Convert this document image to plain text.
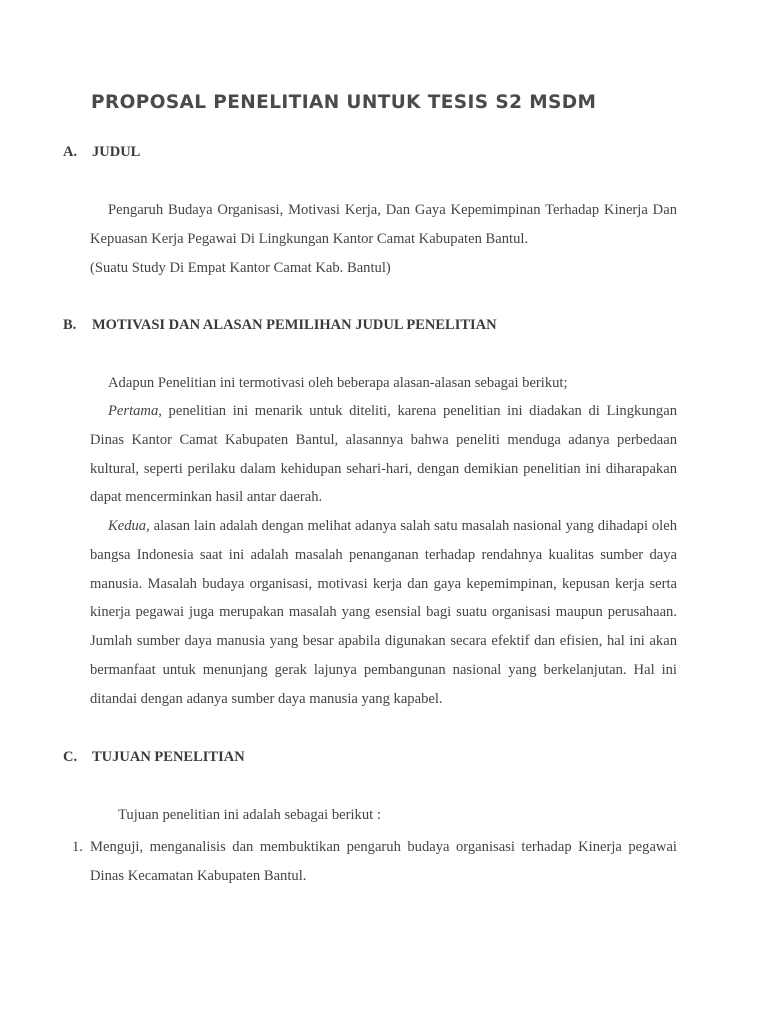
PROPOSAL PENELITIAN UNTUK TESIS S2 MSDM
A. JUDUL

Pengaruh Budaya Organisasi, Motivasi Kerja, Dan Gaya Kepemimpinan Terhadap Kinerja Dan Kepuasan Kerja Pegawai Di Lingkungan Kantor Camat Kabupaten Bantul.

(Suatu Study Di Empat Kantor Camat Kab. Bantul)

B. MOTIVASI DAN ALASAN PEMILIHAN JUDUL PENELITIAN

Adapun Penelitian ini termotivasi oleh beberapa alasan-alasan sebagai berikut;

Pertama, penelitian ini menarik untuk diteliti, karena penelitian ini diadakan di Lingkungan Dinas Kantor Camat Kabupaten Bantul, alasannya bahwa peneliti menduga adanya perbedaan kultural, seperti perilaku dalam kehidupan sehari-hari, dengan demikian penelitian ini diharapakan dapat mencerminkan hasil antar daerah.

Kedua, alasan lain adalah dengan melihat adanya salah satu masalah nasional yang dihadapi oleh bangsa Indonesia saat ini adalah masalah penanganan terhadap rendahnya kualitas sumber daya manusia. Masalah budaya organisasi, motivasi kerja dan gaya kepemimpinan, kepusan kerja serta kinerja pegawai juga merupakan masalah yang esensial bagi suatu organisasi maupun perusahaan. Jumlah sumber daya manusia yang besar apabila digunakan secara efektif dan efisien, hal ini akan bermanfaat untuk menunjang gerak lajunya pembangunan nasional yang berkelanjutan. Hal ini ditandai dengan adanya sumber daya manusia yang kapabel.

C. TUJUAN PENELITIAN

Tujuan penelitian ini adalah sebagai berikut :

1. Menguji, menganalisis dan membuktikan pengaruh budaya organisasi terhadap Kinerja pegawai Dinas Kecamatan Kabupaten Bantul.
